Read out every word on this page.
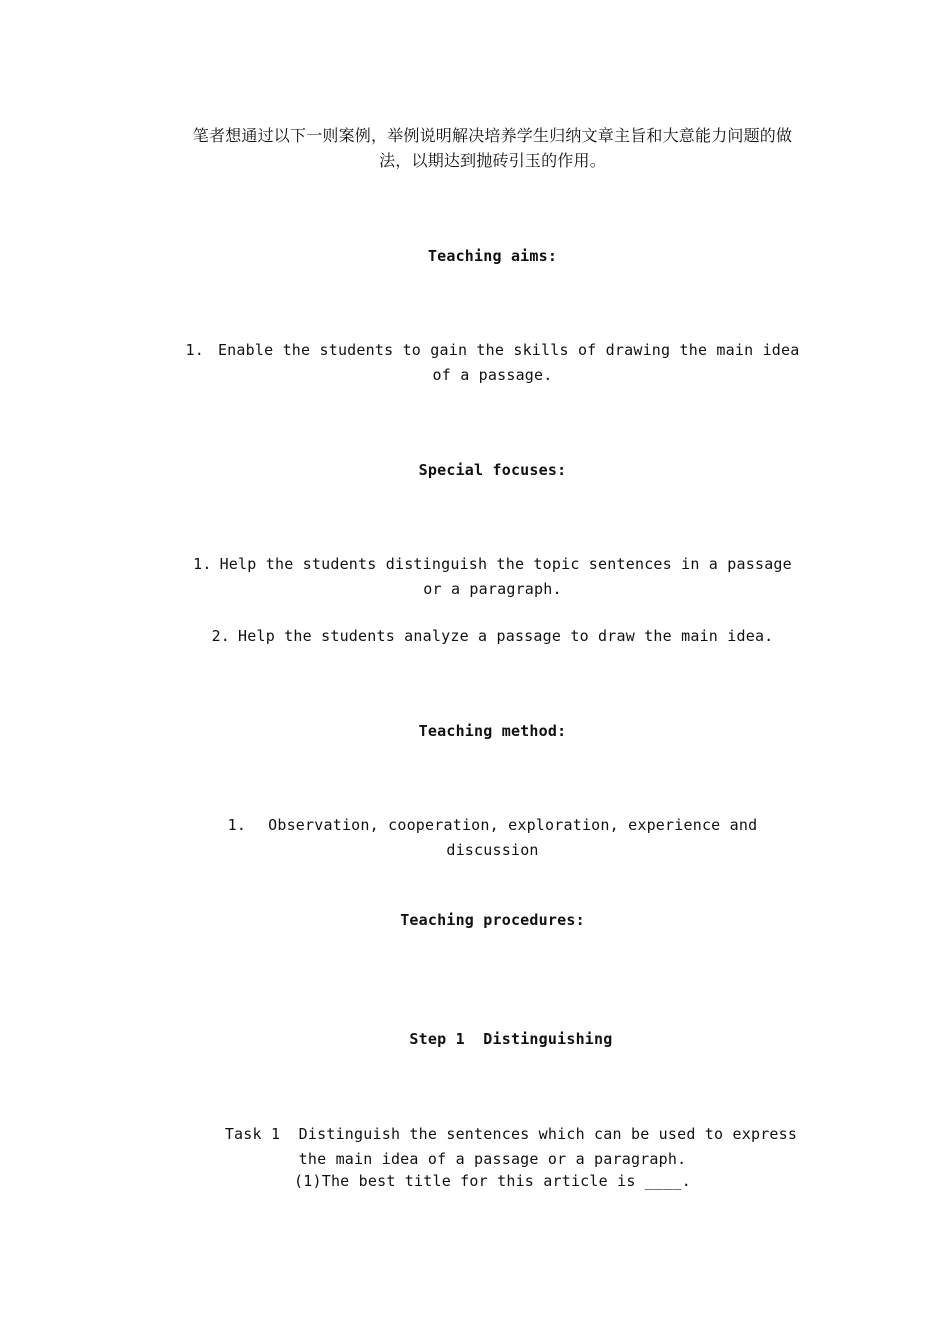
笔者想通过以下一则案例，举例说明解决培养学生归纳文章主旨和大意能力问题的做法，以期达到抛砖引玉的作用。
Teaching aims:
1. Enable the students to gain the skills of drawing the main idea of a passage.
Special focuses:
1. Help the students distinguish the topic sentences in a passage or a paragraph.
2. Help the students analyze a passage to draw the main idea.
Teaching method:
1. Observation, cooperation, exploration, experience and discussion
Teaching procedures:

Step 1  Distinguishing

Task 1  Distinguish the sentences which can be used to express the main idea of a passage or a paragraph.

(1)The best title for this article is ____.
